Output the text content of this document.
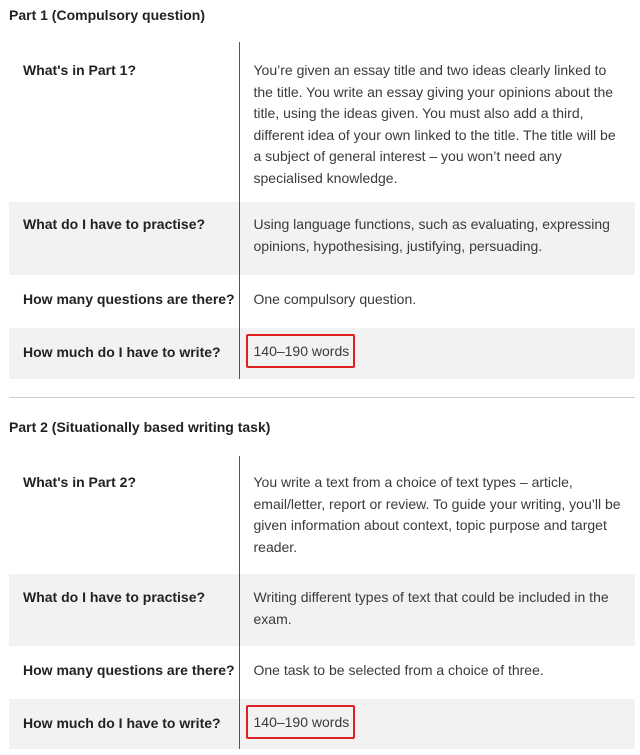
Part 1 (Compulsory question)
What's in Part 1?	You’re given an essay title and two ideas clearly linked to the title. You write an essay giving your opinions about the title, using the ideas given. You must also add a third, different idea of your own linked to the title. The title will be a subject of general interest – you won’t need any specialised knowledge.
What do I have to practise?	Using language functions, such as evaluating, expressing opinions, hypothesising, justifying, persuading.
How many questions are there?	One compulsory question.
How much do I have to write?	140–190 words
Part 2 (Situationally based writing task)
What's in Part 2?	You write a text from a choice of text types – article, email/letter, report or review. To guide your writing, you’ll be given information about context, topic purpose and target reader.
What do I have to practise?	Writing different types of text that could be included in the exam.
How many questions are there?	One task to be selected from a choice of three.
How much do I have to write?	140–190 words
